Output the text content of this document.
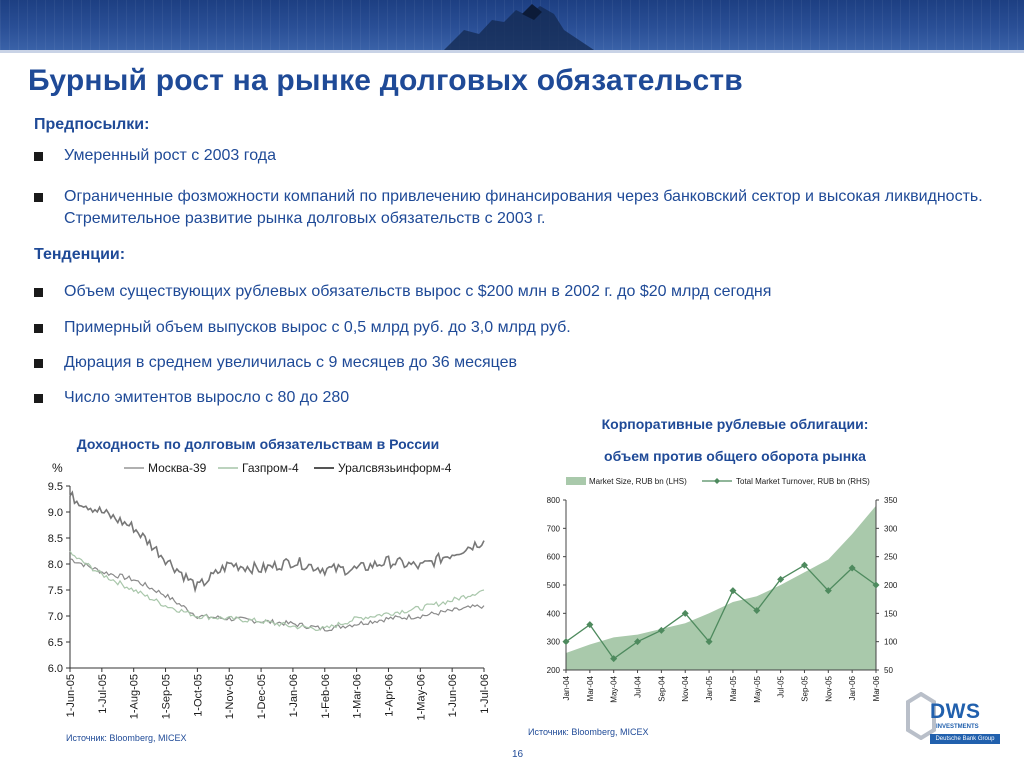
Бурный рост на рынке долговых обязательств
Предпосылки:
Умеренный рост с 2003 года
Ограниченные фозможности компаний по привлечению финансирования через банковский сектор и высокая ликвидность. Стремительное развитие рынка долговых обязательств с 2003 г.
Тенденции:
Объем существующих рублевых обязательств вырос с $200 млн в 2002 г. до $20 млрд сегодня
Примерный объем выпусков вырос с 0,5 млрд руб. до 3,0 млрд руб.
Дюрация в среднем увеличилась с 9 месяцев до 36 месяцев
Число эмитентов выросло с 80 до 280
Доходность по долговым обязательствам в России
%	Москва-39	Газпром-4	Уралсвязьинформ-4
9.5
9.0
8.5
8.0
7.5
7.0
6.5
6.0
1-Jun-05 1-Jul-05 1-Aug-05 1-Sep-05 1-Oct-05 1-Nov-05 1-Dec-05 1-Jan-06 1-Feb-06 1-Mar-06 1-Apr-06 1-May-06 1-Jun-06 1-Jul-06
Источник: Bloomberg, MICEX
Корпоративные рублевые облигации:
объем против общего оборота рынка
Market Size, RUB bn (LHS)	Total Market Turnover, RUB bn (RHS)
800
700
600
500
400
300
200
350
300
250
200
150
100
50
Jan-04 Mar-04 May-04 Jul-04 Sep-04 Nov-04 Jan-05 Mar-05 May-05 Jul-05 Sep-05 Nov-05 Jan-06 Mar-06
Источник: Bloomberg, MICEX
16
DWS
INVESTMENTS
Deutsche Bank Group
